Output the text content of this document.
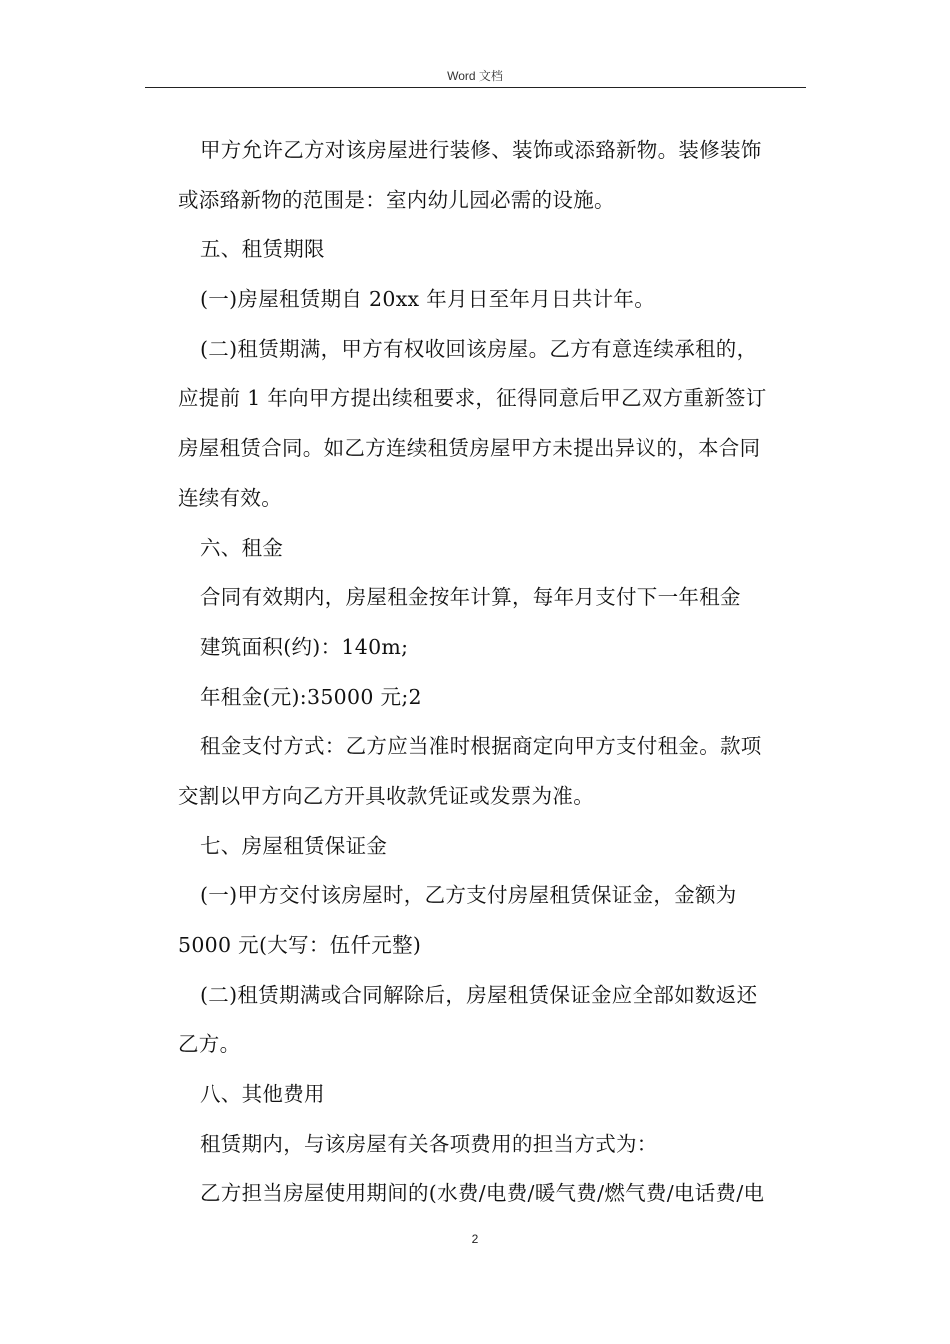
Word 文档
甲方允许乙方对该房屋进行装修、装饰或添臵新物。装修装饰
或添臵新物的范围是：室内幼儿园必需的设施。
五、租赁期限
(一)房屋租赁期自 20xx 年月日至年月日共计年。
(二)租赁期满，甲方有权收回该房屋。乙方有意连续承租的，
应提前 1 年向甲方提出续租要求，征得同意后甲乙双方重新签订
房屋租赁合同。如乙方连续租赁房屋甲方未提出异议的，本合同
连续有效。
六、租金
合同有效期内，房屋租金按年计算，每年月支付下一年租金
建筑面积(约)：140m;
年租金(元):35000 元;2
租金支付方式：乙方应当准时根据商定向甲方支付租金。款项
交割以甲方向乙方开具收款凭证或发票为准。
七、房屋租赁保证金
(一)甲方交付该房屋时，乙方支付房屋租赁保证金，金额为
5000 元(大写：伍仟元整)
(二)租赁期满或合同解除后，房屋租赁保证金应全部如数返还
乙方。
八、其他费用
租赁期内，与该房屋有关各项费用的担当方式为：
乙方担当房屋使用期间的(水费/电费/暖气费/燃气费/电话费/电
2
